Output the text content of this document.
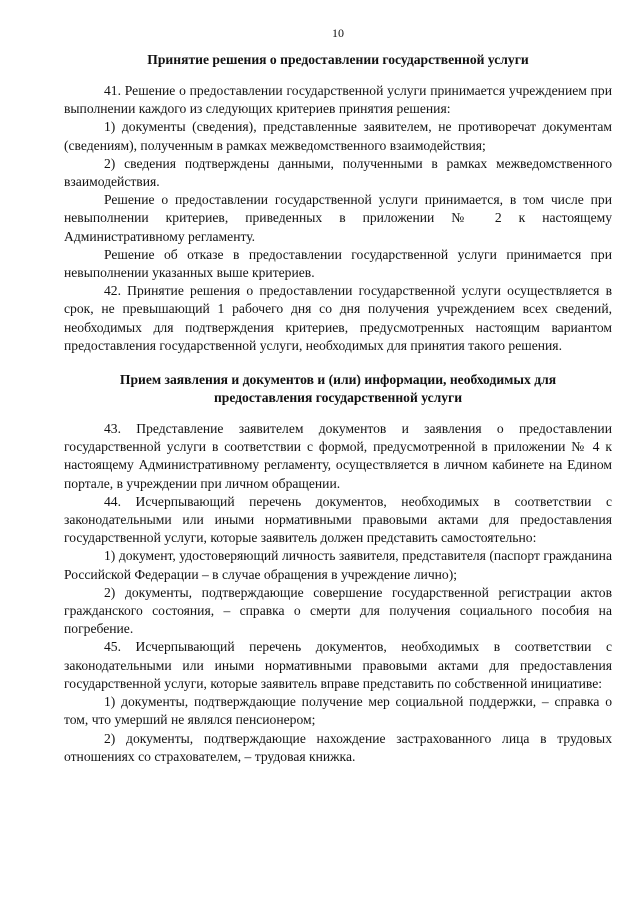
10
Принятие решения о предоставлении государственной услуги

41. Решение о предоставлении государственной услуги принимается учреждением при выполнении каждого из следующих критериев принятия решения:

1) документы (сведения), представленные заявителем, не противоречат документам (сведениям), полученным в рамках межведомственного взаимодействия;

2) сведения подтверждены данными, полученными в рамках межведомственного взаимодействия.

Решение о предоставлении государственной услуги принимается, в том числе при невыполнении критериев, приведенных в приложении № 2 к настоящему Административному регламенту.

Решение об отказе в предоставлении государственной услуги принимается при невыполнении указанных выше критериев.

42. Принятие решения о предоставлении государственной услуги осуществляется в срок, не превышающий 1 рабочего дня со дня получения учреждением всех сведений, необходимых для подтверждения критериев, предусмотренных настоящим вариантом предоставления государственной услуги, необходимых для принятия такого решения.

Прием заявления и документов и (или) информации, необходимых для
предоставления государственной услуги

43. Представление заявителем документов и заявления о предоставлении государственной услуги в соответствии с формой, предусмотренной в приложении № 4 к настоящему Административному регламенту, осуществляется в личном кабинете на Едином портале, в учреждении при личном обращении.

44. Исчерпывающий перечень документов, необходимых в соответствии с законодательными или иными нормативными правовыми актами для предоставления государственной услуги, которые заявитель должен представить самостоятельно:

1) документ, удостоверяющий личность заявителя, представителя (паспорт гражданина Российской Федерации – в случае обращения в учреждение лично);

2) документы, подтверждающие совершение государственной регистрации актов гражданского состояния, – справка о смерти для получения социального пособия на погребение.

45. Исчерпывающий перечень документов, необходимых в соответствии с законодательными или иными нормативными правовыми актами для предоставления государственной услуги, которые заявитель вправе представить по собственной инициативе:

1) документы, подтверждающие получение мер социальной поддержки, – справка о том, что умерший не являлся пенсионером;

2) документы, подтверждающие нахождение застрахованного лица в трудовых отношениях со страхователем, – трудовая книжка.
